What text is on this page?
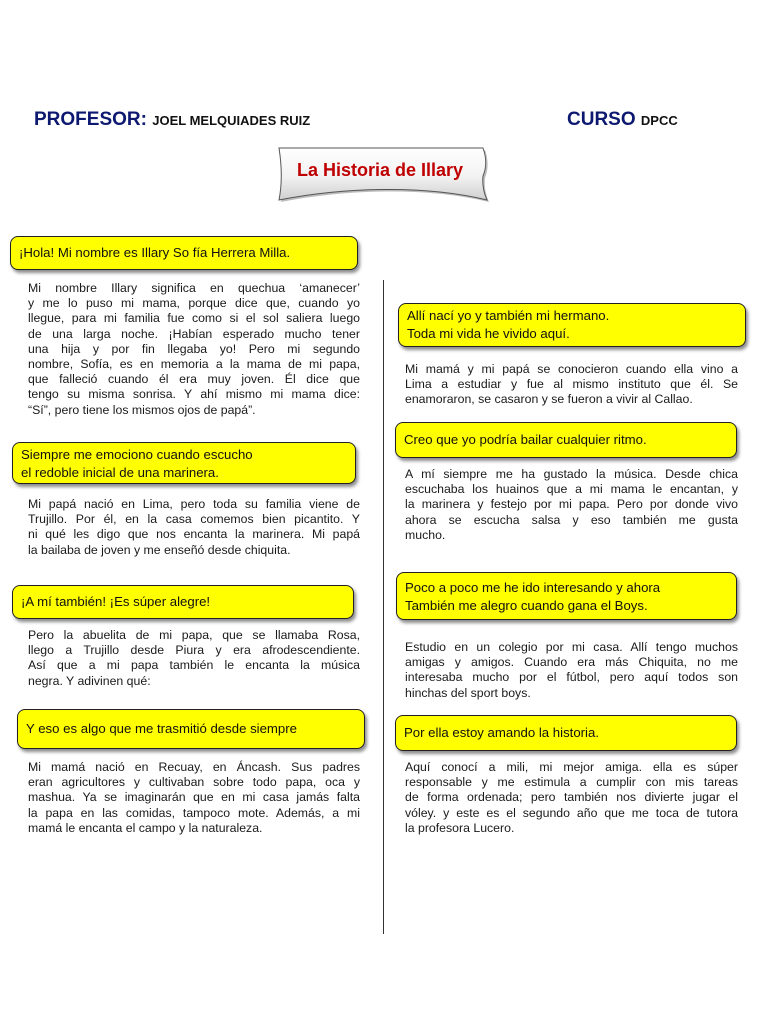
PROFESOR: JOEL MELQUIADES RUIZ	CURSO DPCC
La Historia de Illary
¡Hola! Mi nombre es Illary So fía Herrera Milla.
Mi nombre Illary significa en quechua ‘amanecer’
y me lo puso mi mama, porque dice que, cuando yo
llegue, para mi familia fue como si el sol saliera luego
de una larga noche. ¡Habían esperado mucho tener
una hija y por fin llegaba yo! Pero mi segundo
nombre, Sofía, es en memoria a la mama de mi papa,
que falleció cuando él era muy joven. Él dice que
tengo su misma sonrisa. Y ahí mismo mi mama dice:
“Sí”, pero tiene los mismos ojos de papá”.
Siempre me emociono cuando escucho
el redoble inicial de una marinera.
Mi papá nació en Lima, pero toda su familia viene de
Trujillo. Por él, en la casa comemos bien picantito. Y
ni qué les digo que nos encanta la marinera. Mi papá
la bailaba de joven y me enseñó desde chiquita.
¡A mí también! ¡Es súper alegre!
Pero la abuelita de mi papa, que se llamaba Rosa,
llego a Trujillo desde Piura y era afrodescendiente.
Así que a mi papa también le encanta la música
negra. Y adivinen qué:
Y eso es algo que me trasmitió desde siempre
Mi mamá nació en Recuay, en Áncash. Sus padres
eran agricultores y cultivaban sobre todo papa, oca y
mashua. Ya se imaginarán que en mi casa jamás falta
la papa en las comidas, tampoco mote. Además, a mi
mamá le encanta el campo y la naturaleza.
Allí nací yo y también mi hermano.
Toda mi vida he vivido aquí.
Mi mamá y mi papá se conocieron cuando ella vino a
Lima a estudiar y fue al mismo instituto que él. Se
enamoraron, se casaron y se fueron a vivir al Callao.
Creo que yo podría bailar cualquier ritmo.
A mí siempre me ha gustado la música. Desde chica
escuchaba los huainos que a mi mama le encantan, y
la marinera y festejo por mi papa. Pero por donde vivo
ahora se escucha salsa y eso también me gusta
mucho.
Poco a poco me he ido interesando y ahora
También me alegro cuando gana el Boys.
Estudio en un colegio por mi casa. Allí tengo muchos
amigas y amigos. Cuando era más Chiquita, no me
interesaba mucho por el fútbol, pero aquí todos son
hinchas del sport boys.
Por ella estoy amando la historia.
Aquí conocí a mili, mi mejor amiga. ella es súper
responsable y me estimula a cumplir con mis tareas
de forma ordenada; pero también nos divierte jugar el
vóley. y este es el segundo año que me toca de tutora
la profesora Lucero.
